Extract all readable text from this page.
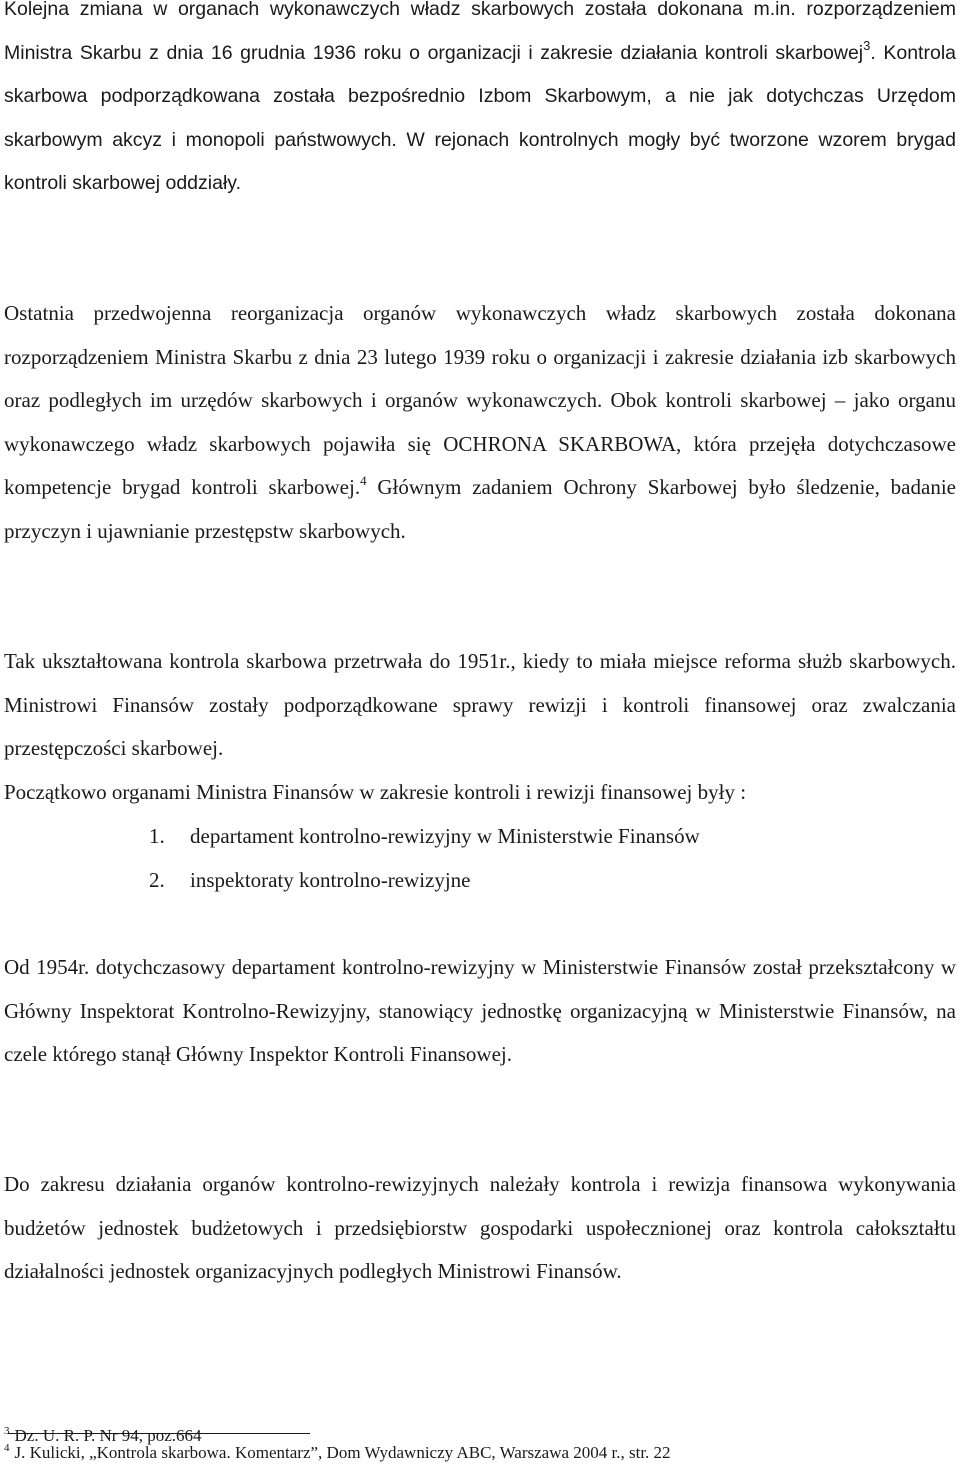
Kolejna zmiana w organach wykonawczych władz skarbowych została dokonana m.in. rozporządzeniem Ministra Skarbu z dnia 16 grudnia 1936 roku o organizacji i zakresie działania kontroli skarbowej$^3$. Kontrola skarbowa podporządkowana została bezpośrednio Izbom Skarbowym, a nie jak dotychczas Urzędom skarbowym akcyz i monopoli państwowych. W rejonach kontrolnych mogły być tworzone wzorem brygad kontroli skarbowej oddziały.

Ostatnia przedwojenna reorganizacja organów wykonawczych władz skarbowych została dokonana rozporządzeniem Ministra Skarbu z dnia 23 lutego 1939 roku o organizacji i zakresie działania izb skarbowych oraz podległych im urzędów skarbowych i organów wykonawczych. Obok kontroli skarbowej – jako organu wykonawczego władz skarbowych pojawiła się OCHRONA SKARBOWA, która przejęła dotychczasowe kompetencje brygad kontroli skarbowej.$^4$ Głównym zadaniem Ochrony Skarbowej było śledzenie, badanie przyczyn i ujawnianie przestępstw skarbowych.

Tak ukształtowana kontrola skarbowa przetrwała do 1951r., kiedy to miała miejsce reforma służb skarbowych. Ministrowi Finansów zostały podporządkowane sprawy rewizji i kontroli finansowej oraz zwalczania przestępczości skarbowej.

Początkowo organami Ministra Finansów w zakresie kontroli i rewizji finansowej były :

1. departament kontrolno-rewizyjny w Ministerstwie Finansów
2. inspektoraty kontrolno-rewizyjne

Od 1954r. dotychczasowy departament kontrolno-rewizyjny w Ministerstwie Finansów został przekształcony w Główny Inspektorat Kontrolno-Rewizyjny, stanowiący jednostkę organizacyjną w Ministerstwie Finansów, na czele którego stanął Główny Inspektor Kontroli Finansowej.

Do zakresu działania organów kontrolno-rewizyjnych należały kontrola i rewizja finansowa wykonywania budżetów jednostek budżetowych i przedsiębiorstw gospodarki uspołecznionej oraz kontrola całokształtu działalności jednostek organizacyjnych podległych Ministrowi Finansów.

$^3$ Dz. U. R. P. Nr 94, poz.664

$^4$ J. Kulicki, „Kontrola skarbowa. Komentarz”, Dom Wydawniczy ABC, Warszawa 2004 r., str. 22
